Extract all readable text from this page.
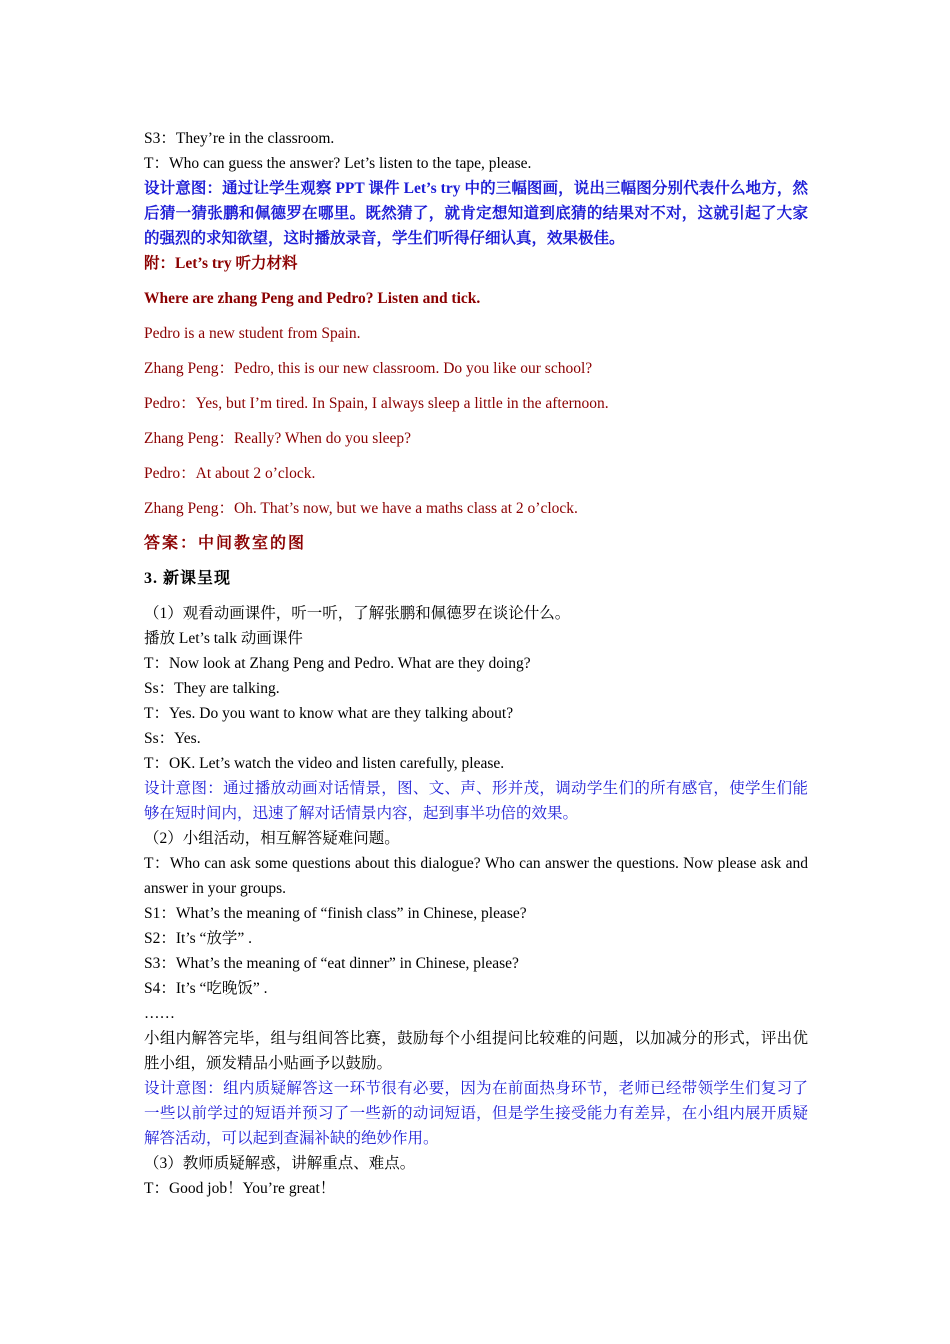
S3：They’re in the classroom.

T：Who can guess the answer? Let’s listen to the tape, please.

设计意图：通过让学生观察 PPT 课件 Let’s try 中的三幅图画，说出三幅图分别代表什么地方，然后猜一猜张鹏和佩德罗在哪里。既然猜了，就肯定想知道到底猜的结果对不对，这就引起了大家的强烈的求知欲望，这时播放录音，学生们听得仔细认真，效果极佳。

附：Let’s try 听力材料

Where are zhang Peng and Pedro? Listen and tick.

Pedro is a new student from Spain.

Zhang Peng：Pedro, this is our new classroom. Do you like our school?

Pedro：Yes, but I’m tired. In Spain, I always sleep a little in the afternoon.

Zhang Peng：Really? When do you sleep?

Pedro：At about 2 o’clock.

Zhang Peng：Oh. That’s now, but we have a maths class at 2 o’clock.

答案：中间教室的图

3. 新课呈现

（1）观看动画课件，听一听，了解张鹏和佩德罗在谈论什么。

播放 Let’s talk 动画课件

T：Now look at Zhang Peng and Pedro. What are they doing?

Ss：They are talking.

T：Yes. Do you want to know what are they talking about?

Ss：Yes.

T：OK. Let’s watch the video and listen carefully, please.

设计意图：通过播放动画对话情景，图、文、声、形并茂，调动学生们的所有感官，使学生们能够在短时间内，迅速了解对话情景内容，起到事半功倍的效果。

（2）小组活动，相互解答疑难问题。

T：Who can ask some questions about this dialogue? Who can answer the questions. Now please ask and answer in your groups.

S1：What’s the meaning of “finish class” in Chinese, please?

S2：It’s “放学” .

S3：What’s the meaning of “eat dinner” in Chinese, please?

S4：It’s “吃晚饭” .

……

小组内解答完毕，组与组间答比赛，鼓励每个小组提问比较难的问题，以加减分的形式，评出优胜小组，颁发精品小贴画予以鼓励。

设计意图：组内质疑解答这一环节很有必要，因为在前面热身环节，老师已经带领学生们复习了一些以前学过的短语并预习了一些新的动词短语，但是学生接受能力有差异，在小组内展开质疑解答活动，可以起到查漏补缺的绝妙作用。

（3）教师质疑解惑，讲解重点、难点。

T：Good job！You’re great！
